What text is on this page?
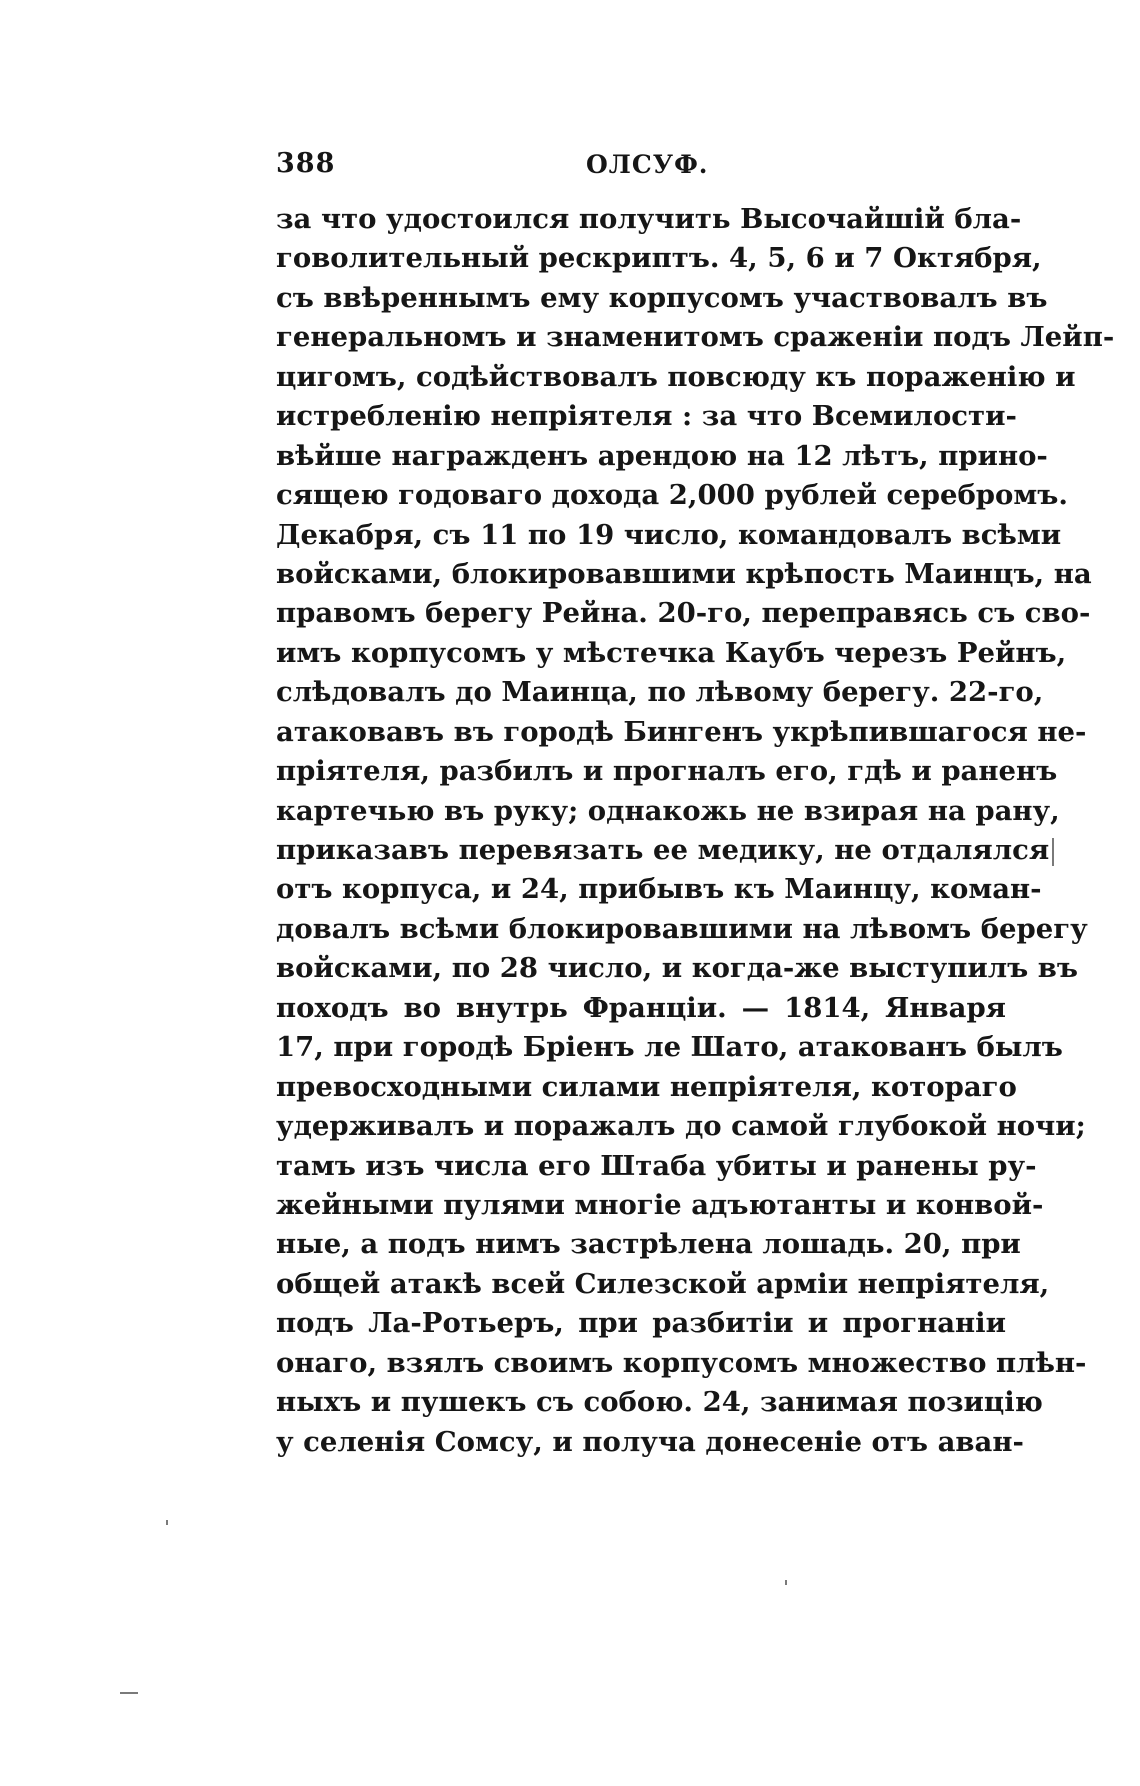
388	ОЛСУФ.
за что удостоился получить Высочайшій бла-
говолительный рескриптъ. 4, 5, 6 и 7 Октября,
съ ввѣреннымъ ему корпусомъ участвовалъ въ
генеральномъ и знаменитомъ сраженіи подъ Лейп-
цигомъ, содѣйствовалъ повсюду къ пораженію и
истребленію непріятеля : за что Всемилости-
вѣйше награжденъ арендою на 12 лѣтъ, прино-
сящею годоваго дохода 2,000 рублей серебромъ.
Декабря, съ 11 по 19 число, командовалъ всѣми
войсками, блокировавшими крѣпость Маинцъ, на
правомъ берегу Рейна. 20-го, переправясь съ сво-
имъ корпусомъ у мѣстечка Каубъ черезъ Рейнъ,
слѣдовалъ до Маинца, по лѣвому берегу. 22-го,
атаковавъ въ городѣ Бингенъ укрѣпившагося не-
пріятеля, разбилъ и прогналъ его, гдѣ и раненъ
картечью въ руку; однакожь не взирая на рану,
приказавъ перевязать ее медику, не отдалялся
отъ корпуса, и 24, прибывъ къ Маинцу, коман-
довалъ всѣми блокировавшими на лѣвомъ берегу
войсками, по 28 число, и когда-же выступилъ въ
походъ во внутрь Франціи. — 1814, Января
17, при городѣ Бріенъ ле Шато, атакованъ былъ
превосходными силами непріятеля, котораго
удерживалъ и поражалъ до самой глубокой ночи;
тамъ изъ числа его Штаба убиты и ранены ру-
жейными пулями многіе адъютанты и конвой-
ные, а подъ нимъ застрѣлена лошадь. 20, при
общей атакѣ всей Силезской арміи непріятеля,
подъ Ла-Ротьеръ, при разбитіи и прогнаніи
онаго, взялъ своимъ корпусомъ множество плѣн-
ныхъ и пушекъ съ собою. 24, занимая позицію
у селенія Сомсу, и получа донесеніе отъ аван-
